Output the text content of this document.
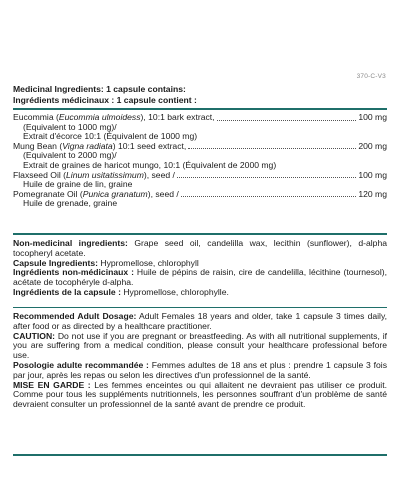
370-C-V3
Medicinal Ingredients: 1 capsule contains:
Ingrédients médicinaux : 1 capsule contient :
Eucommia (Eucommia ulmoidess), 10:1 bark extract,	100 mg
(Equivalent to 1000 mg)/
Extrait d'écorce 10:1 (Équivalent de 1000 mg)
Mung Bean (Vigna radiata) 10:1 seed extract,	200 mg
(Equivalent to 2000 mg)/
Extrait de graines de haricot mungo, 10:1 (Équivalent de 2000 mg)
Flaxseed Oil (Linum usitatissimum), seed /	100 mg
Huile de graine de lin, graine
Pomegranate Oil (Punica granatum), seed /	120 mg
Huile de grenade, graine
Non-medicinal ingredients: Grape seed oil, candelilla wax, lecithin (sunflower), d-alpha tocopheryl acetate.
Capsule Ingredients: Hypromellose, chlorophyll
Ingrédients non-médicinaux : Huile de pépins de raisin, cire de candelilla, lécithine (tournesol), acétate de tocophéryle d-alpha.
Ingrédients de la capsule : Hypromellose, chlorophylle.
Recommended Adult Dosage: Adult Females 18 years and older, take 1 capsule 3 times daily, after food or as directed by a healthcare practitioner.
CAUTION: Do not use if you are pregnant or breastfeeding. As with all nutritional supplements, if you are suffering from a medical condition, please consult your healthcare professional before use.
Posologie adulte recommandée : Femmes adultes de 18 ans et plus : prendre 1 capsule 3 fois par jour, après les repas ou selon les directives d'un professionnel de la santé.
MISE EN GARDE : Les femmes enceintes ou qui allaitent ne devraient pas utiliser ce produit. Comme pour tous les suppléments nutritionnels, les personnes souffrant d'un problème de santé devraient consulter un professionnel de la santé avant de prendre ce produit.
